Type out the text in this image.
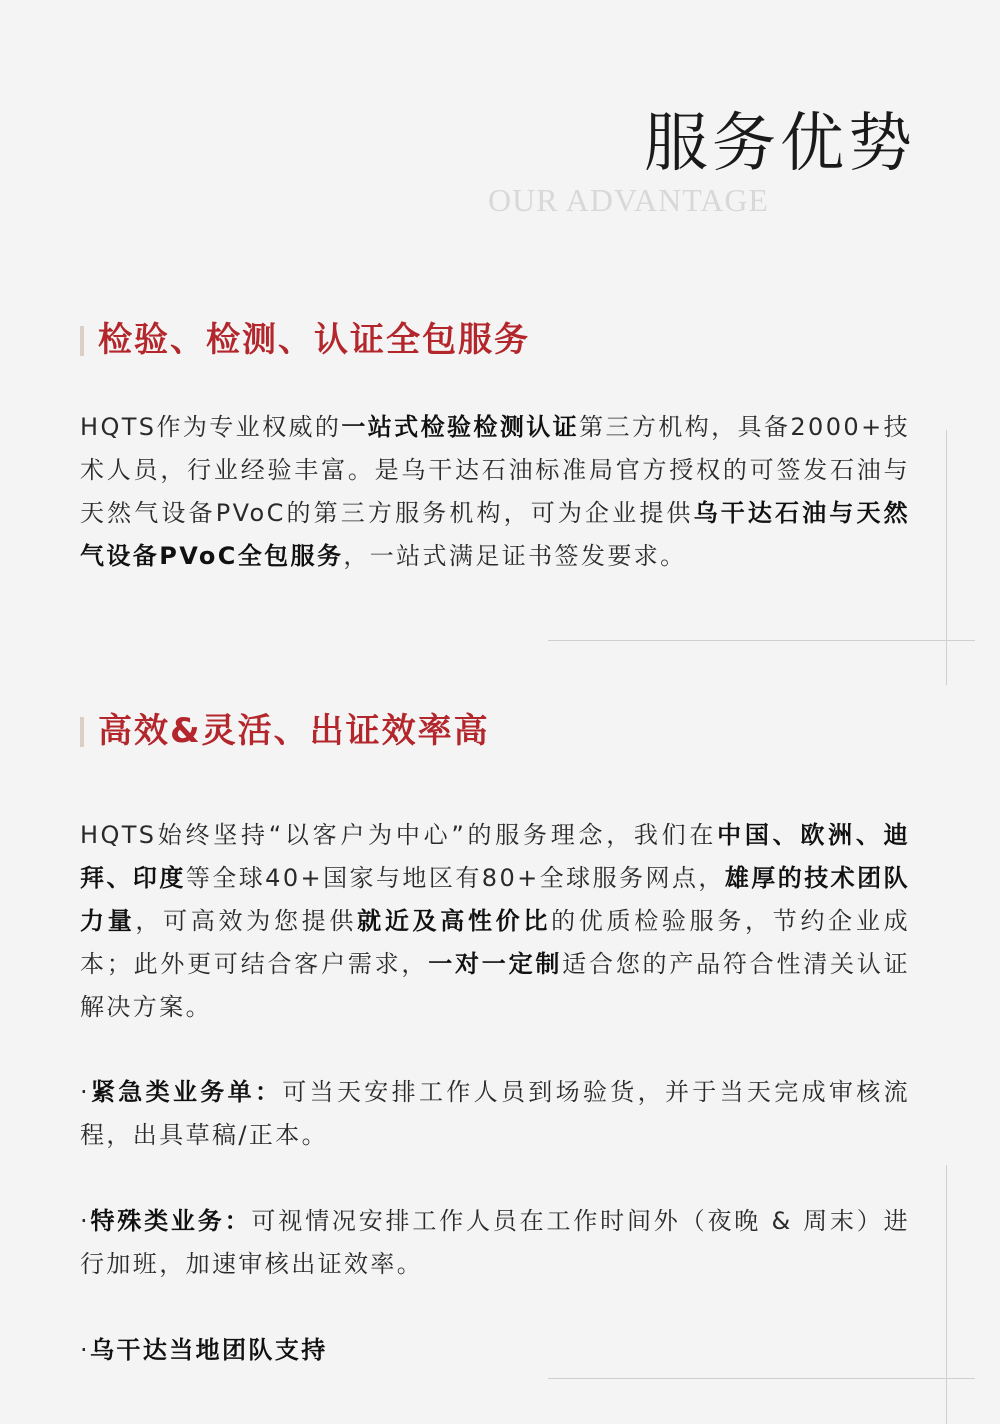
服务优势
OUR ADVANTAGE
检验、检测、认证全包服务

HQTS作为专业权威的一站式检验检测认证第三方机构，具备2000+技术人员，行业经验丰富。是乌干达石油标准局官方授权的可签发石油与天然气设备PVoC的第三方服务机构，可为企业提供乌干达石油与天然气设备PVoC全包服务，一站式满足证书签发要求。

高效&灵活、出证效率高

HQTS始终坚持“以客户为中心”的服务理念，我们在中国、欧洲、迪拜、印度等全球40+国家与地区有80+全球服务网点，雄厚的技术团队力量，可高效为您提供就近及高性价比的优质检验服务，节约企业成本；此外更可结合客户需求，一对一定制适合您的产品符合性清关认证解决方案。

·紧急类业务单：可当天安排工作人员到场验货，并于当天完成审核流程，出具草稿/正本。

·特殊类业务：可视情况安排工作人员在工作时间外（夜晚 & 周末）进行加班，加速审核出证效率。

·乌干达当地团队支持
